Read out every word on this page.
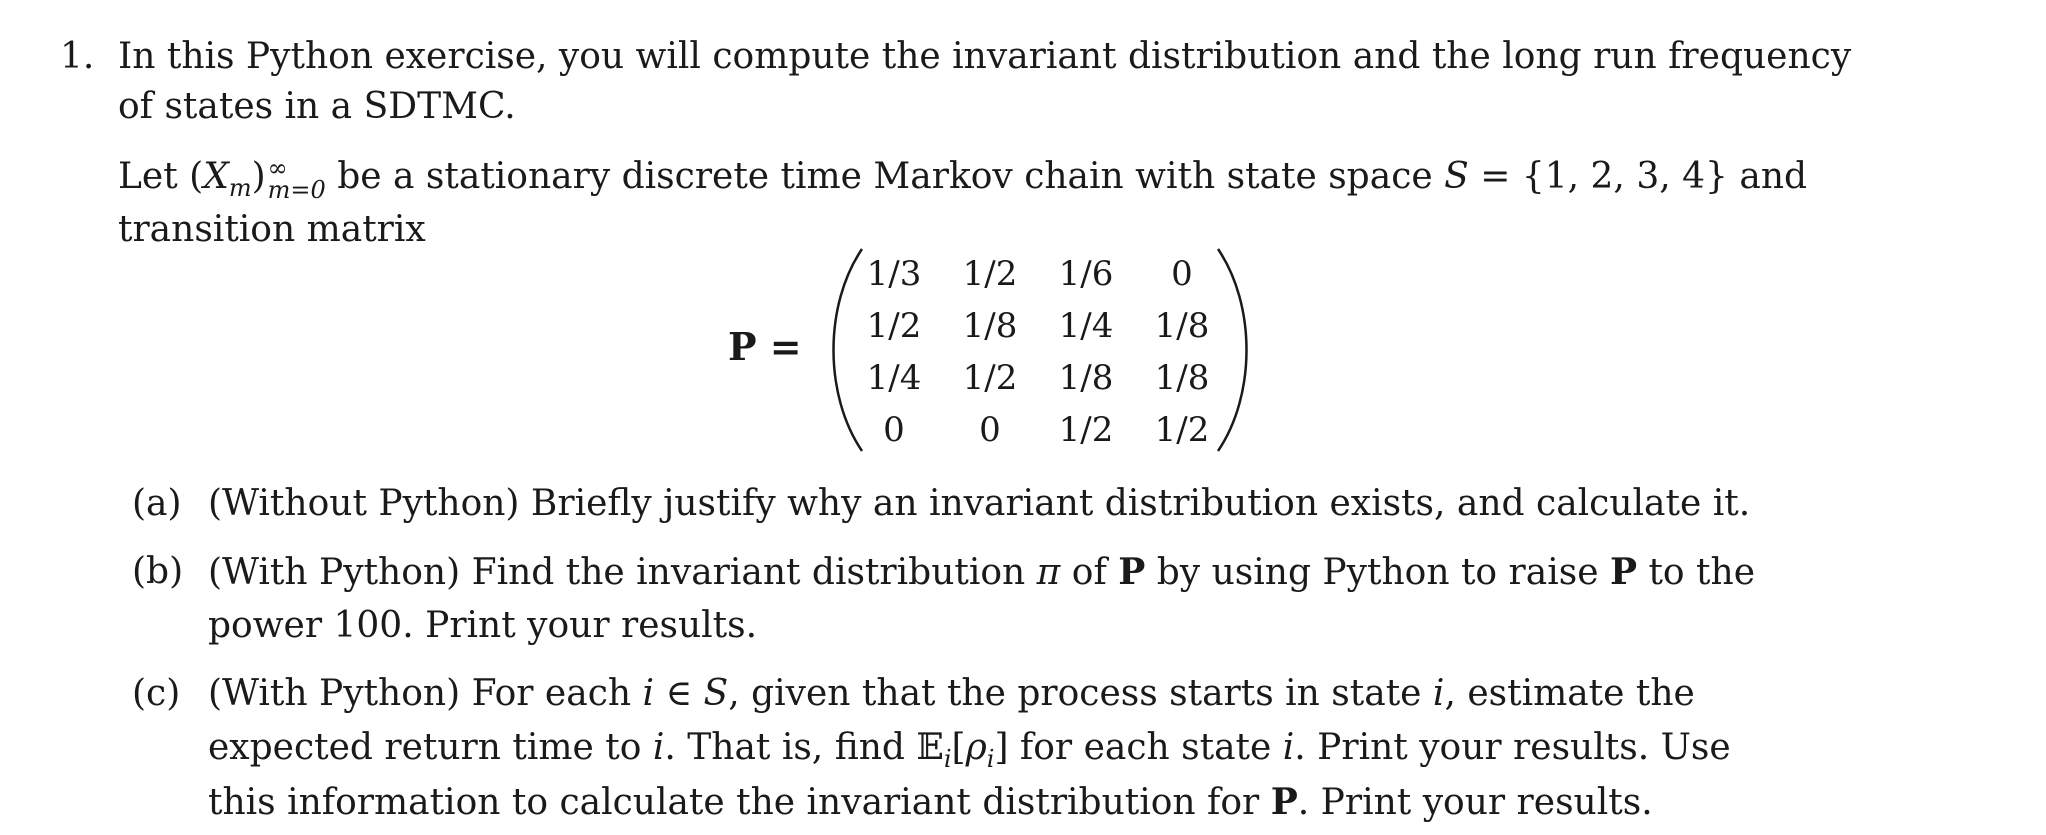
1. In this Python exercise, you will compute the invariant distribution and the long run frequency
of states in a SDTMC.
Let $(X_m)$ ∞
m=0 be a stationary discrete time Markov chain with state space S = {1, 2, 3, 4} and
transition matrix
P =
1/3	1/2	1/6	0
1/2	1/8	1/4	1/8
1/4	1/2	1/8	1/8
0	0	1/2	1/2
(a) (Without Python) Briefly justify why an invariant distribution exists, and calculate it.
(b) (With Python) Find the invariant distribution π of P by using Python to raise P to the
power 100. Print your results.
(c) (With Python) For each i ∈ S, given that the process starts in state i, estimate the
expected return time to i. That is, find $𝔼_i[\rho_i]$ for each state i. Print your results. Use
this information to calculate the invariant distribution for P. Print your results.
